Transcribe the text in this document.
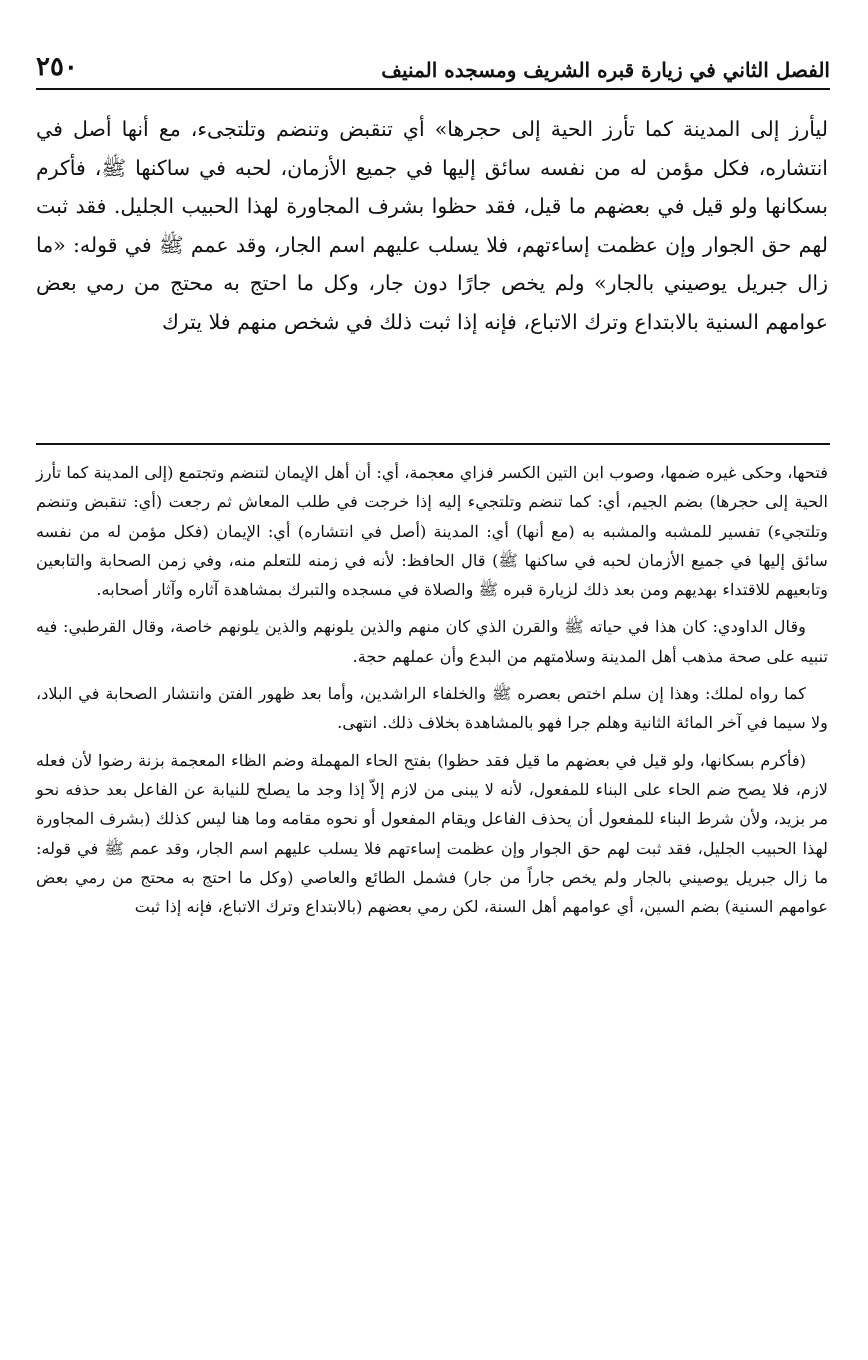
الفصل الثاني في زيارة قبره الشريف ومسجده المنيف
٢٥٠

ليأرز إلى المدينة كما تأرز الحية إلى حجرها» أي تنقبض وتنضم وتلتجىء، مع أنها أصل في انتشاره، فكل مؤمن له من نفسه سائق إليها في جميع الأزمان، لحبه في ساكنها ﷺ، فأكرم بسكانها ولو قيل في بعضهم ما قيل، فقد حظوا بشرف المجاورة لهذا الحبيب الجليل. فقد ثبت لهم حق الجوار وإن عظمت إساءتهم، فلا يسلب عليهم اسم الجار، وقد عمم ﷺ في قوله: «ما زال جبريل يوصيني بالجار» ولم يخص جارًا دون جار، وكل ما احتج به محتج من رمي بعض عوامهم السنية بالابتداع وترك الاتباع، فإنه إذا ثبت ذلك في شخص منهم فلا يترك

فتحها، وحكى غيره ضمها، وصوب ابن التين الكسر فزاي معجمة، أي: أن أهل الإيمان لتنضم وتجتمع (إلى المدينة كما تأرز الحية إلى حجرها) بضم الجيم، أي: كما تنضم وتلتجيء إليه إذا خرجت في طلب المعاش ثم رجعت (أي: تنقبض وتنضم وتلتجيء) تفسير للمشبه والمشبه به (مع أنها) أي: المدينة (أصل في انتشاره) أي: الإيمان (فكل مؤمن له من نفسه سائق إليها في جميع الأزمان لحبه في ساكنها ﷺ) قال الحافظ: لأنه في زمنه للتعلم منه، وفي زمن الصحابة والتابعين وتابعيهم للاقتداء بهديهم ومن بعد ذلك لزيارة قبره ﷺ والصلاة في مسجده والتبرك بمشاهدة آثاره وآثار أصحابه.

وقال الداودي: كان هذا في حياته ﷺ والقرن الذي كان منهم والذين يلونهم والذين يلونهم خاصة، وقال القرطبي: فيه تنبيه على صحة مذهب أهل المدينة وسلامتهم من البدع وأن عملهم حجة.

كما رواه لملك: وهذا إن سلم اختص بعصره ﷺ والخلفاء الراشدين، وأما بعد ظهور الفتن وانتشار الصحابة في البلاد، ولا سيما في آخر المائة الثانية وهلم جرا فهو بالمشاهدة بخلاف ذلك. انتهى.

(فأكرم بسكانها، ولو قيل في بعضهم ما قيل فقد حظوا) بفتح الحاء المهملة وضم الظاء المعجمة بزنة رضوا لأن فعله لازم، فلا يصح ضم الحاء على البناء للمفعول، لأنه لا يبنى من لازم إلاّ إذا وجد ما يصلح للنيابة عن الفاعل بعد حذفه نحو مر بزيد، ولأن شرط البناء للمفعول أن يحذف الفاعل ويقام المفعول أو نحوه مقامه وما هنا ليس كذلك (بشرف المجاورة لهذا الحبيب الجليل، فقد ثبت لهم حق الجوار وإن عظمت إساءتهم فلا يسلب عليهم اسم الجار، وقد عمم ﷺ في قوله: ما زال جبريل يوصيني بالجار ولم يخص جاراً من جار) فشمل الطائع والعاصي (وكل ما احتج به محتج من رمي بعض عوامهم السنية) بضم السين، أي عوامهم أهل السنة، لكن رمي بعضهم (بالابتداع وترك الاتباع، فإنه إذا ثبت
